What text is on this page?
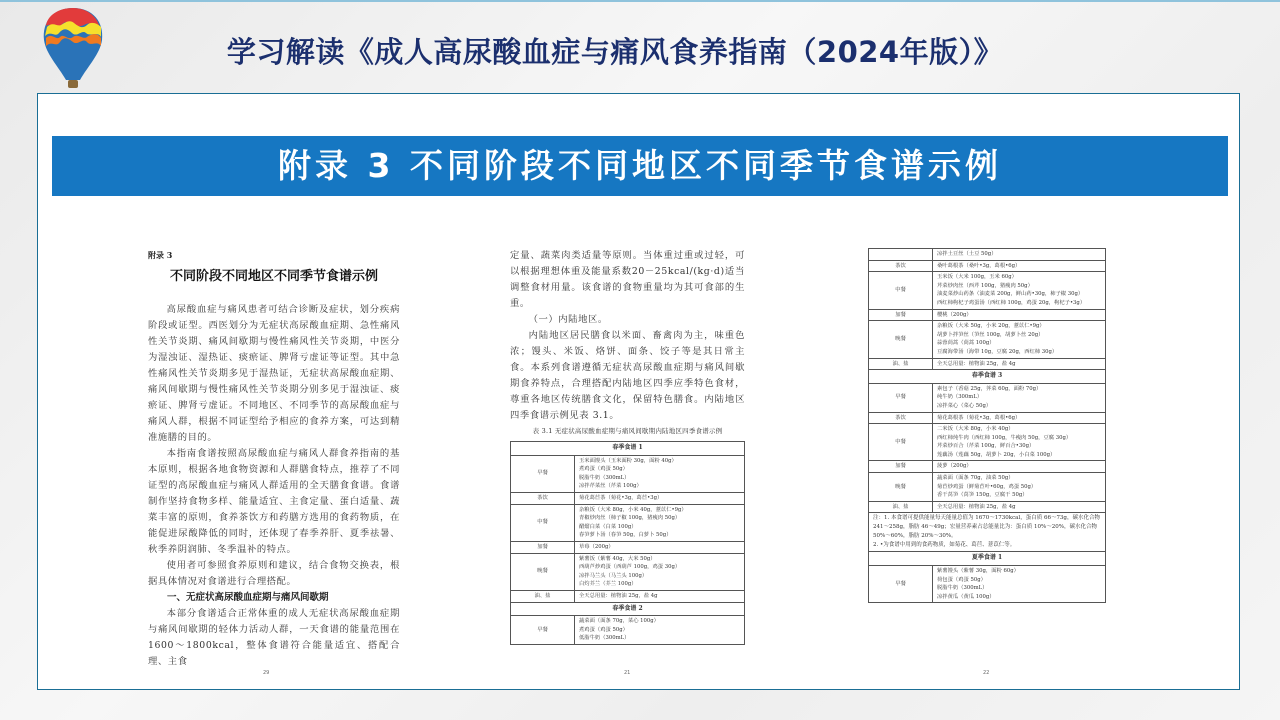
学习解读《成人高尿酸血症与痛风食养指南（2024年版）》
附录 3 不同阶段不同地区不同季节食谱示例
附录 3
不同阶段不同地区不同季节食谱示例

高尿酸血症与痛风患者可结合诊断及症状，划分疾病阶段或证型。西医划分为无症状高尿酸血症期、急性痛风性关节炎期、痛风间歇期与慢性痛风性关节炎期，中医分为湿浊证、湿热证、痰瘀证、脾肾亏虚证等证型。其中急性痛风性关节炎期多见于湿热证，无症状高尿酸血症期、痛风间歇期与慢性痛风性关节炎期分别多见于湿浊证、痰瘀证、脾肾亏虚证。不同地区、不同季节的高尿酸血症与痛风人群，根据不同证型给予相应的食养方案，可达到精准施膳的目的。

本指南食谱按照高尿酸血症与痛风人群食养指南的基本原则，根据各地食物资源和人群膳食特点，推荐了不同证型的高尿酸血症与痛风人群适用的全天膳食食谱。食谱制作坚持食物多样、能量适宜、主食定量、蛋白适量、蔬菜丰富的原则，食养茶饮方和药膳方选用的食药物质，在能促进尿酸降低的同时，还体现了春季养肝、夏季祛暑、秋季养阴润肺、冬季温补的特点。

使用者可参照食养原则和建议，结合食物交换表，根据具体情况对食谱进行合理搭配。

一、无症状高尿酸血症期与痛风间歇期

本部分食谱适合正常体重的成人无症状高尿酸血症期与痛风间歇期的轻体力活动人群，一天食谱的能量范围在1600～1800kcal，整体食谱符合能量适宜、搭配合理、主食

29

定量、蔬菜肉类适量等原则。当体重过重或过轻，可以根据理想体重及能量系数20－25kcal/(kg·d)适当调整食材用量。该食谱的食物重量均为其可食部的生重。

（一）内陆地区。

内陆地区居民膳食以米面、畜禽肉为主，味重色浓；馒头、米饭、烙饼、面条、饺子等是其日常主食。本系列食谱遵循无症状高尿酸血症期与痛风间歇期食养特点，合理搭配内陆地区四季应季特色食材，尊重各地区传统膳食文化，保留特色膳食。内陆地区四季食谱示例见表 3.1。

表 3.1 无症状高尿酸血症期与痛风间歇期内陆地区四季食谱示例

春季食谱 1	
早餐	玉米面馒头（玉米面粉 30g，面粉 40g）
煮鸡蛋（鸡蛋 50g）
脱脂牛奶（300mL）
凉拌芹菜丝（芹菜 100g）

茶饮	菊花葛苣茶（菊花•3g，葛苣•3g）

中餐	杂粮饭（大米 80g，小米 40g，薏苡仁•9g）
青椒炒肉丝（柿子椒 100g，猪瘦肉 50g）
醋熘白菜（白菜 100g）
春笋萝卜汤（春笋 50g，白萝卜 50g）

加餐	草莓（200g）

晚餐	紫薯饭（紫薯 40g，大米 50g）
西葫芦炒鸡蛋（西葫芦 100g，鸡蛋 30g）
凉拌马兰头（马兰头 100g）
白灼芥兰（芥兰 100g）

油、盐	全天总用量：植物油 25g，盐 4g

春季食谱 2	
早餐	蔬菜面（面条 70g，菜心 100g）
煮鸡蛋（鸡蛋 50g）
低脂牛奶（300mL）
21

	凉拌土豆丝（土豆 50g）

茶饮	桑叶葛根茶（桑叶•3g，葛根•6g）

中餐	玉米饭（大米 100g，玉米 60g）
芹菜炒肉丝（西芹 100g，猪瘦肉 50g）
油麦菜炒山药条（油麦菜 200g，鲜山药•30g，柿子椒 30g）
西红柿枸杞子鸡蛋汤（西红柿 100g，鸡蛋 20g，枸杞子•3g）

加餐	樱桃（200g）

晚餐	杂粮饭（大米 50g，小米 20g，薏苡仁•9g）
胡萝卜拌笋丝（笋丝 100g，胡萝卜丝 20g）
蒜蓉茼蒿（茼蒿 100g）
豆腐海带汤（海带 10g，豆腐 20g，西红柿 30g）

油、盐	全天总用量：植物油 25g，盐 4g

春季食谱 3	
早餐	素包子（香菇 25g，荠菜 60g，面粉 70g）
纯牛奶（300mL）
凉拌菜心（菜心 50g）

茶饮	菊花葛根茶（菊花•3g，葛根•6g）

中餐	二米饭（大米 80g，小米 40g）
西红柿炖牛肉（西红柿 100g，牛瘦肉 50g，豆腐 30g）
芹菜炒百合（芹菜 100g，鲜百合•30g）
莲藕汤（莲藕 50g，胡萝卜 20g，小白菜 100g）

加餐	菠萝（200g）

晚餐	蔬菜面（面条 70g，油菜 50g）
菊苣炒鸡蛋（鲜菊苣叶•60g，鸡蛋 50g）
香干莴笋（莴笋 150g，豆腐干 50g）

油、盐	全天总用量：植物油 25g，盐 4g

注：1. 本食谱可提供能量每天能量总值为 1670～1730kcal，蛋白质 66～73g，碳水化合物 241～258g，脂肪 46～49g；宏量营养素占总能量比为：蛋白质 10%～20%，碳水化合物 50%～60%，脂肪 20%～30%。
2. •为食谱中用到的食药物质，如菊花、葛苣、薏苡仁等。	

夏季食谱 1	
早餐	紫薯馒头（紫薯 30g，面粉 60g）
荷包蛋（鸡蛋 50g）
脱脂牛奶（300mL）
凉拌黄瓜（黄瓜 100g）
22
